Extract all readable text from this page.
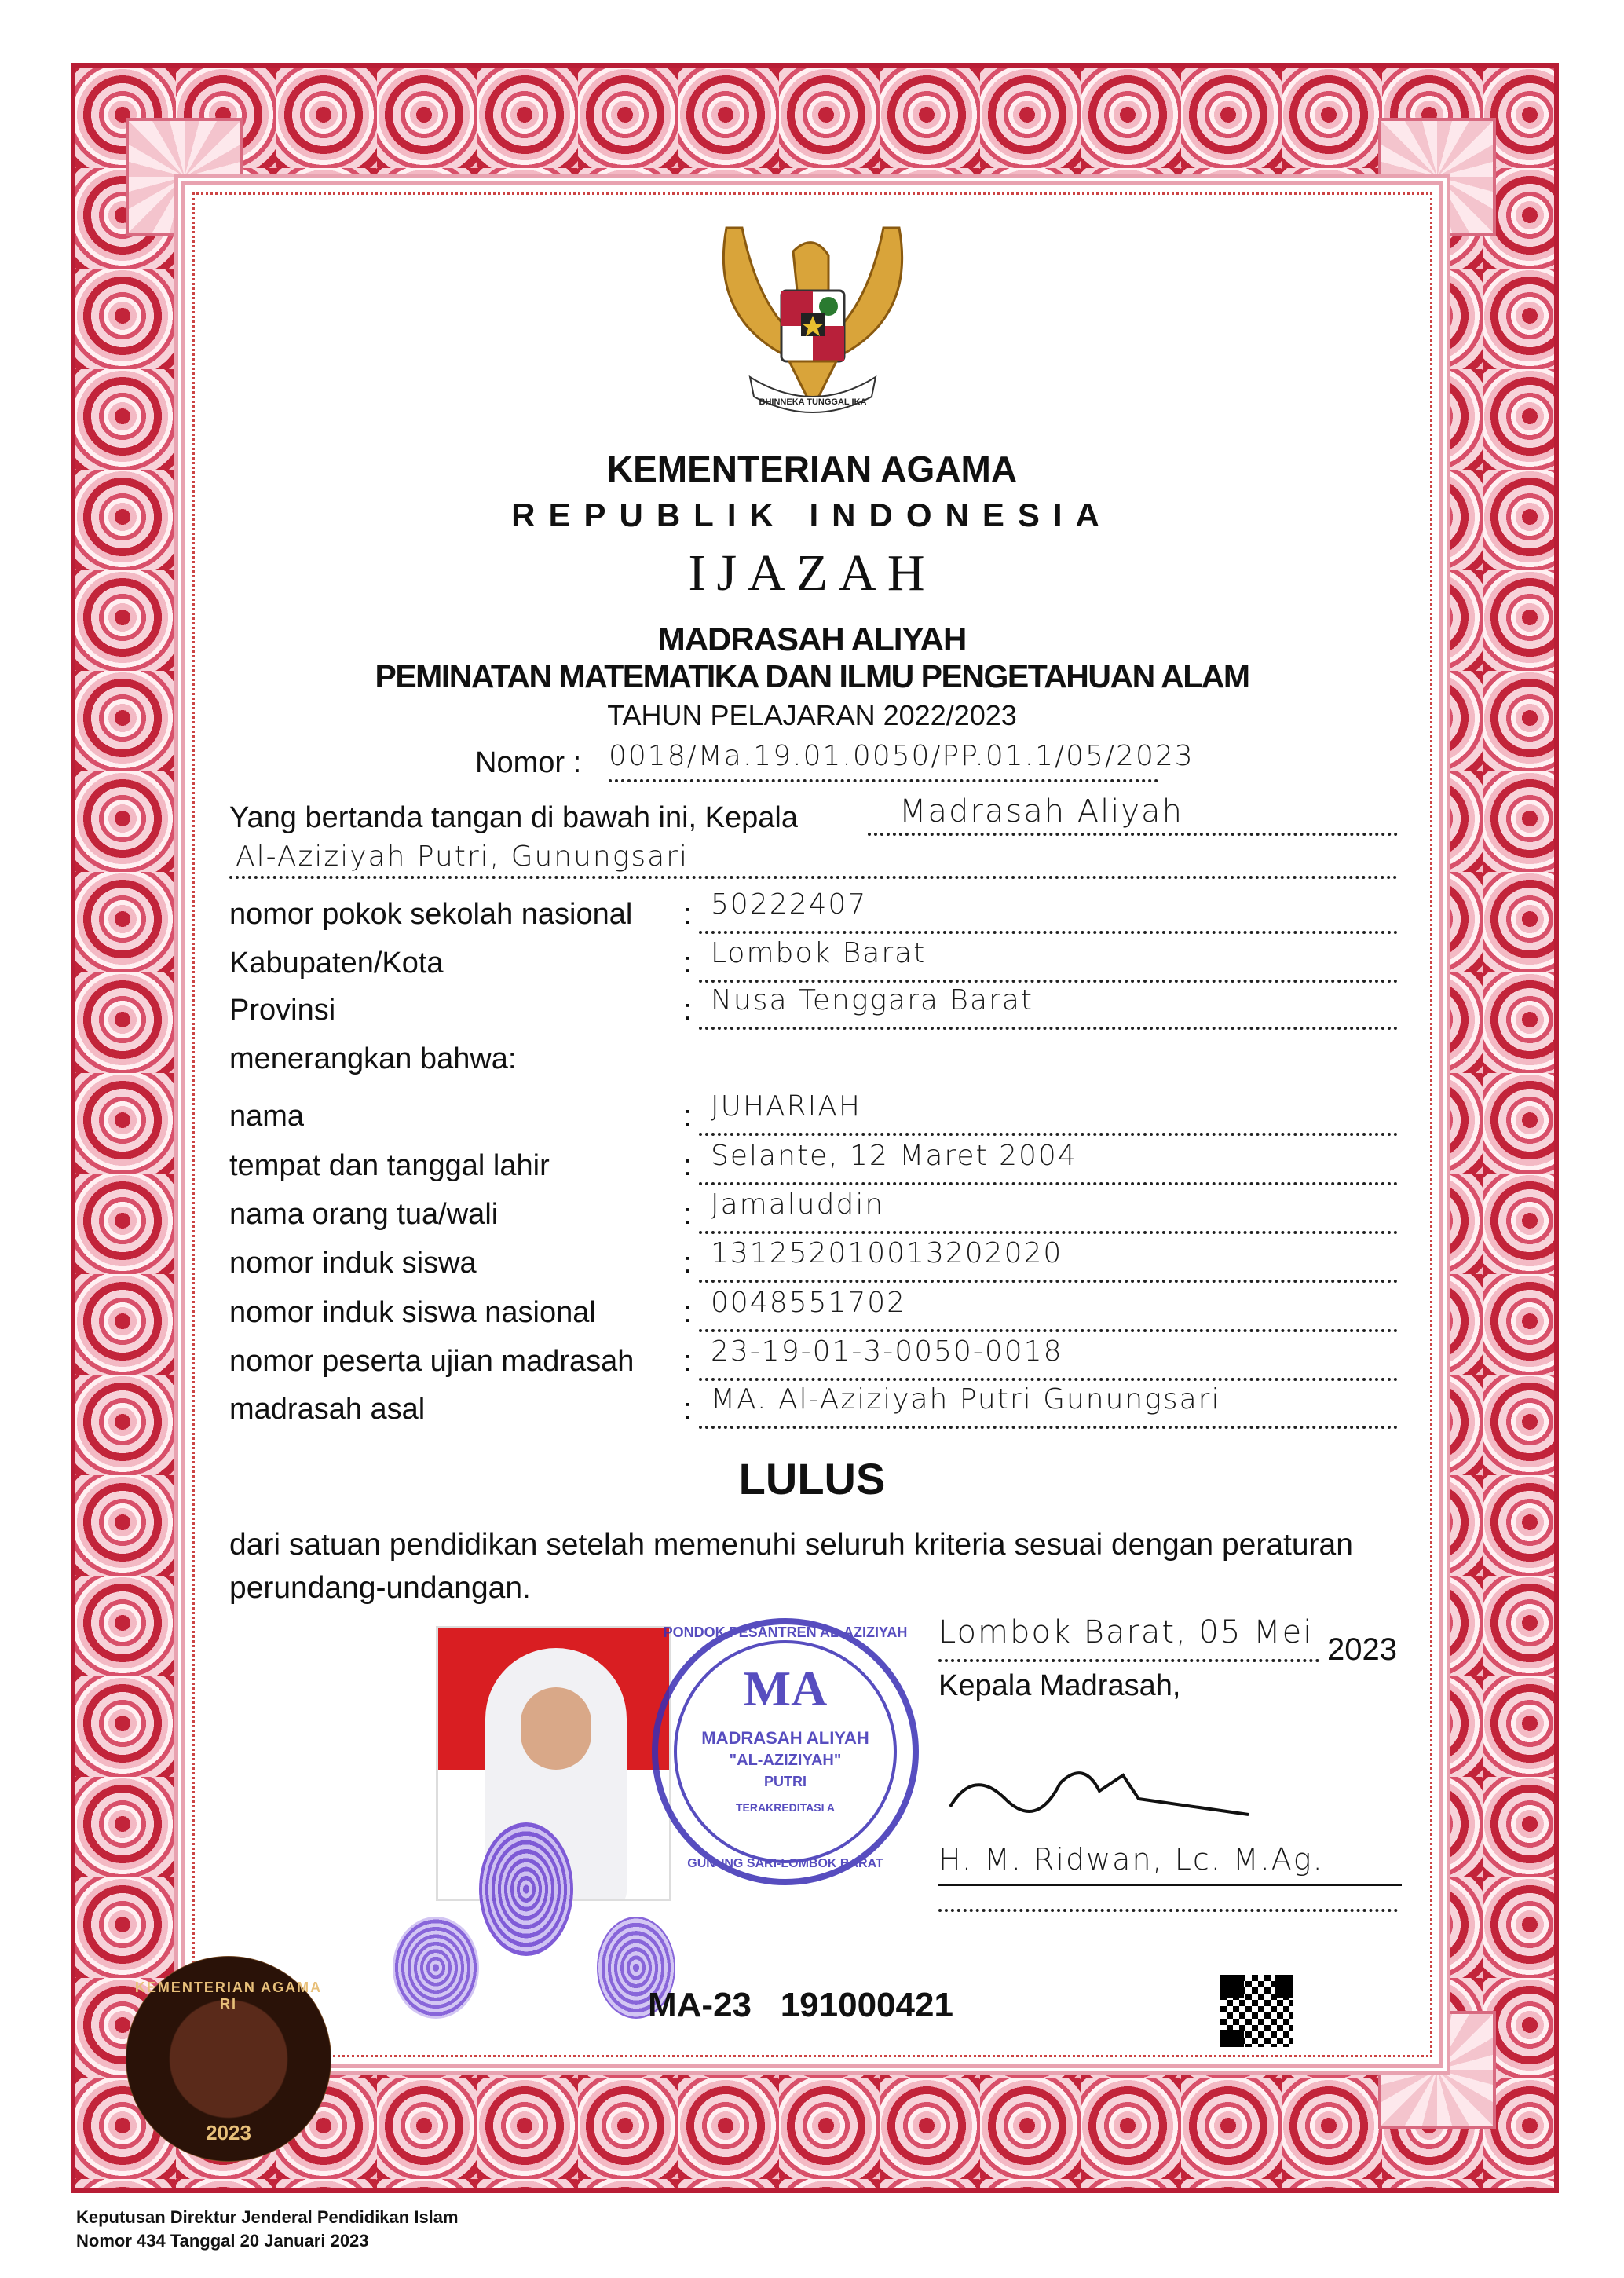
BHINNEKA TUNGGAL IKA
KEMENTERIAN AGAMA
REPUBLIK INDONESIA
IJAZAH
MADRASAH ALIYAH
PEMINATAN MATEMATIKA DAN ILMU PENGETAHUAN ALAM
TAHUN PELAJARAN 2022/2023
Nomor : 0018/Ma.19.01.0050/PP.01.1/05/2023
Yang bertanda tangan di bawah ini, Kepala	Madrasah Aliyah
Al-Aziziyah Putri, Gunungsari
nomor pokok sekolah nasional : 50222407
Kabupaten/Kota	: Lombok Barat
Provinsi	: Nusa Tenggara Barat
menerangkan bahwa:
nama	: JUHARIAH
tempat dan tanggal lahir	: Selante, 12 Maret 2004
nama orang tua/wali	: Jamaluddin
nomor induk siswa	: 131252010013202020
nomor induk siswa nasional	: 0048551702
nomor peserta ujian madrasah : 23-19-01-3-0050-0018
madrasah asal	: MA. Al-Aziziyah Putri Gunungsari
LULUS
dari satuan pendidikan setelah memenuhi seluruh kriteria sesuai dengan peraturan
perundang-undangan.
Lombok Barat, 05 Mei 2023
Kepala Madrasah,
H. M. Ridwan, Lc. M.Ag.
PONDOK PESANTREN AL-AZIZIYAH
MA
MADRASAH ALIYAH
"AL-AZIZIYAH"
PUTRI
TERAKREDITASI A
GUNUNG SARI-LOMBOK BARAT
MA-23   191000421
KEMENTERIAN AGAMA RI
2023
Keputusan Direktur Jenderal Pendidikan Islam
Nomor 434 Tanggal 20 Januari 2023
